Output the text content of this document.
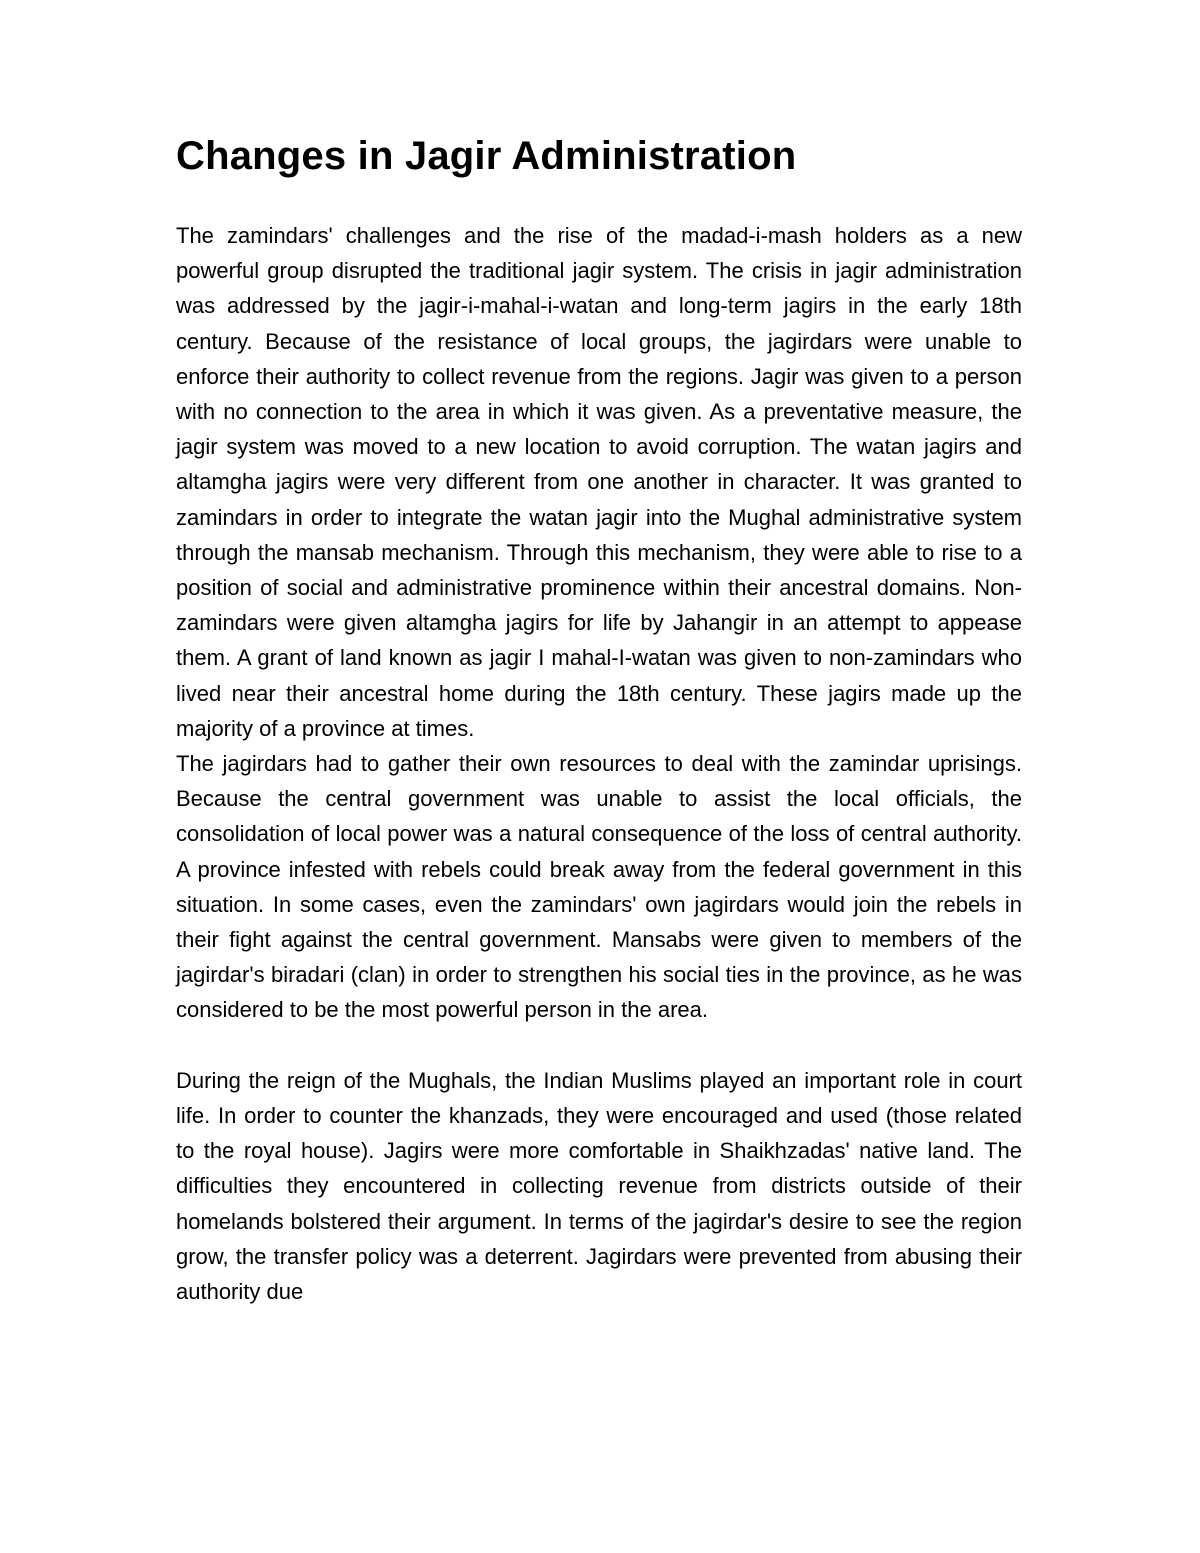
Changes in Jagir Administration

The zamindars' challenges and the rise of the madad-i-mash holders as a new powerful group disrupted the traditional jagir system. The crisis in jagir administration was addressed by the jagir-i-mahal-i-watan and long-term jagirs in the early 18th century. Because of the resistance of local groups, the jagirdars were unable to enforce their authority to collect revenue from the regions. Jagir was given to a person with no connection to the area in which it was given. As a preventative measure, the jagir system was moved to a new location to avoid corruption. The watan jagirs and altamgha jagirs were very different from one another in character. It was granted to zamindars in order to integrate the watan jagir into the Mughal administrative system through the mansab mechanism. Through this mechanism, they were able to rise to a position of social and administrative prominence within their ancestral domains. Non-zamindars were given altamgha jagirs for life by Jahangir in an attempt to appease them. A grant of land known as jagir I mahal-I-watan was given to non-zamindars who lived near their ancestral home during the 18th century. These jagirs made up the majority of a province at times.

The jagirdars had to gather their own resources to deal with the zamindar uprisings. Because the central government was unable to assist the local officials, the consolidation of local power was a natural consequence of the loss of central authority. A province infested with rebels could break away from the federal government in this situation. In some cases, even the zamindars' own jagirdars would join the rebels in their fight against the central government. Mansabs were given to members of the jagirdar's biradari (clan) in order to strengthen his social ties in the province, as he was considered to be the most powerful person in the area.

During the reign of the Mughals, the Indian Muslims played an important role in court life. In order to counter the khanzads, they were encouraged and used (those related to the royal house). Jagirs were more comfortable in Shaikhzadas' native land. The difficulties they encountered in collecting revenue from districts outside of their homelands bolstered their argument. In terms of the jagirdar's desire to see the region grow, the transfer policy was a deterrent. Jagirdars were prevented from abusing their authority due
